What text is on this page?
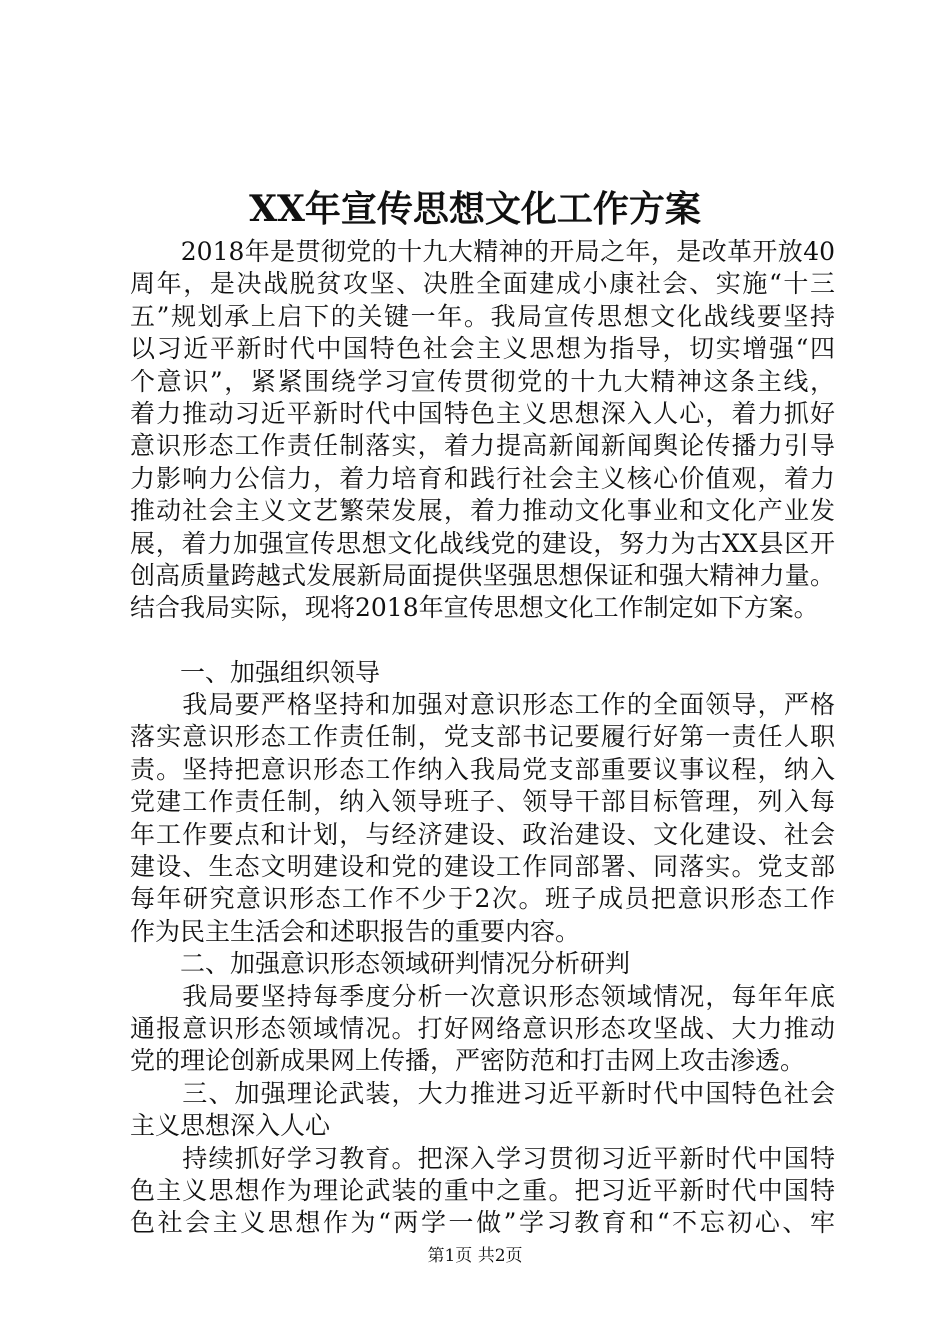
XX年宣传思想文化工作方案
　　2018年是贯彻党的十九大精神的开局之年，是改革开放40
周年，是决战脱贫攻坚、决胜全面建成小康社会、实施“十三
五”规划承上启下的关键一年。我局宣传思想文化战线要坚持
以习近平新时代中国特色社会主义思想为指导，切实增强“四
个意识”，紧紧围绕学习宣传贯彻党的十九大精神这条主线，
着力推动习近平新时代中国特色主义思想深入人心，着力抓好
意识形态工作责任制落实，着力提高新闻新闻舆论传播力引导
力影响力公信力，着力培育和践行社会主义核心价值观，着力
推动社会主义文艺繁荣发展，着力推动文化事业和文化产业发
展，着力加强宣传思想文化战线党的建设，努力为古XX县区开
创高质量跨越式发展新局面提供坚强思想保证和强大精神力量。
结合我局实际，现将2018年宣传思想文化工作制定如下方案。
　　一、加强组织领导
　　我局要严格坚持和加强对意识形态工作的全面领导，严格
落实意识形态工作责任制，党支部书记要履行好第一责任人职
责。坚持把意识形态工作纳入我局党支部重要议事议程，纳入
党建工作责任制，纳入领导班子、领导干部目标管理，列入每
年工作要点和计划，与经济建设、政治建设、文化建设、社会
建设、生态文明建设和党的建设工作同部署、同落实。党支部
每年研究意识形态工作不少于2次。班子成员把意识形态工作
作为民主生活会和述职报告的重要内容。
　　二、加强意识形态领域研判情况分析研判
　　我局要坚持每季度分析一次意识形态领域情况，每年年底
通报意识形态领域情况。打好网络意识形态攻坚战、大力推动
党的理论创新成果网上传播，严密防范和打击网上攻击渗透。
　　三、加强理论武装，大力推进习近平新时代中国特色社会
主义思想深入人心
　　持续抓好学习教育。把深入学习贯彻习近平新时代中国特
色主义思想作为理论武装的重中之重。把习近平新时代中国特
色社会主义思想作为“两学一做”学习教育和“不忘初心、牢
第1页 共2页
